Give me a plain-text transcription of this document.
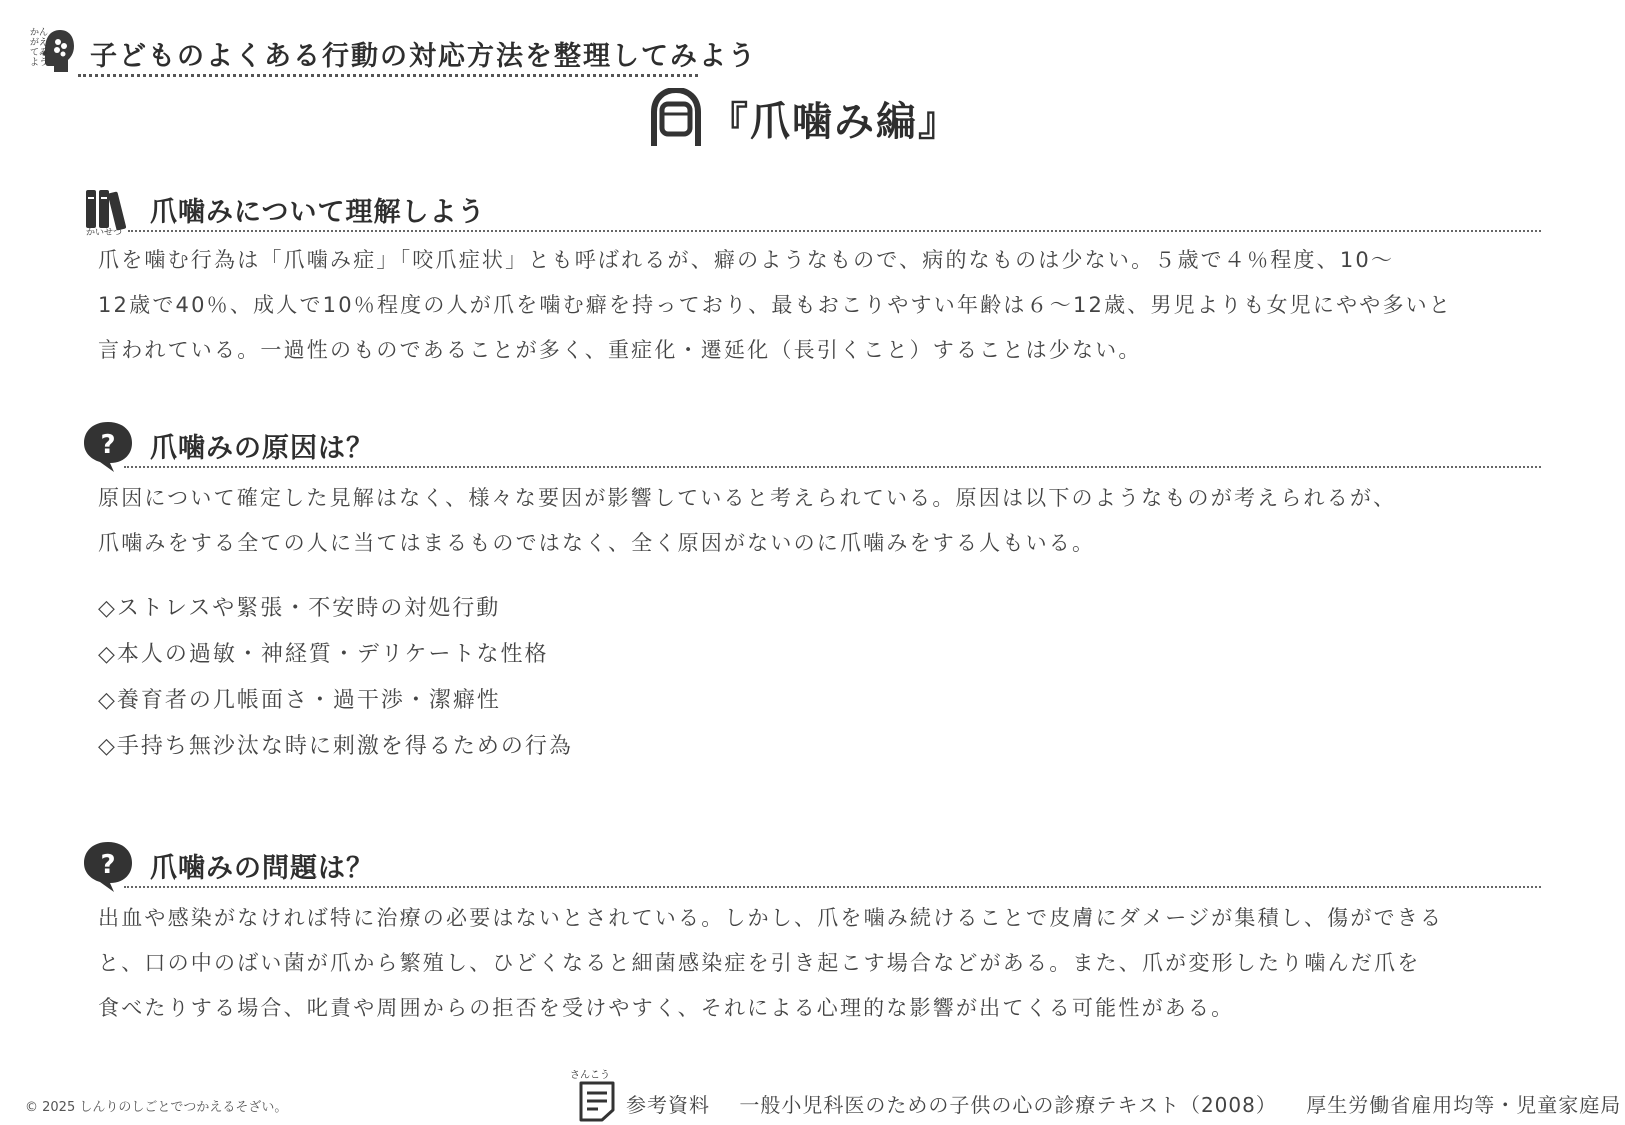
かんがえてみよう 子どものよくある行動の対応方法を整理してみよう
『爪噛み編』
かいせつ
爪噛みについて理解しよう

爪を噛む行為は「爪噛み症」「咬爪症状」とも呼ばれるが、癖のようなもので、病的なものは少ない。５歳で４％程度、10〜

12歳で40％、成人で10％程度の人が爪を噛む癖を持っており、最もおこりやすい年齢は６〜12歳、男児よりも女児にやや多いと

言われている。一過性のものであることが多く、重症化・遷延化（長引くこと）することは少ない。

? 爪噛みの原因は？

原因について確定した見解はなく、様々な要因が影響していると考えられている。原因は以下のようなものが考えられるが、

爪噛みをする全ての人に当てはまるものではなく、全く原因がないのに爪噛みをする人もいる。

◇ストレスや緊張・不安時の対処行動
◇本人の過敏・神経質・デリケートな性格
◇養育者の几帳面さ・過干渉・潔癖性
◇手持ち無沙汰な時に刺激を得るための行為
? 爪噛みの問題は？

出血や感染がなければ特に治療の必要はないとされている。しかし、爪を噛み続けることで皮膚にダメージが集積し、傷ができる

と、口の中のばい菌が爪から繁殖し、ひどくなると細菌感染症を引き起こす場合などがある。また、爪が変形したり噛んだ爪を

食べたりする場合、叱責や周囲からの拒否を受けやすく、それによる心理的な影響が出てくる可能性がある。

© 2025 しんりのしごとでつかえるそざい。
さんこう
参考資料 一般小児科医のための子供の心の診療テキスト（2008） 厚生労働省雇用均等・児童家庭局
